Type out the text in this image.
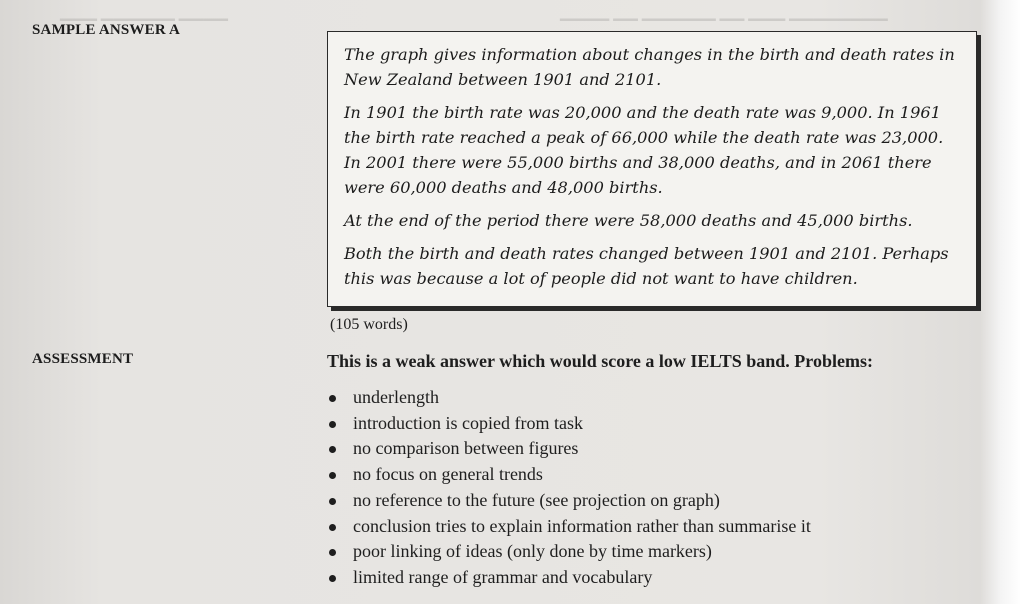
▁▁▁ ▁▁▁▁▁▁ ▁▁▁▁	▁▁▁▁ ▁▁ ▁▁▁▁▁▁ ▁▁ ▁▁▁ ▁▁▁▁▁▁▁▁
SAMPLE ANSWER A

The graph gives information about changes in the birth and death rates in New Zealand between 1901 and 2101.

In 1901 the birth rate was 20,000 and the death rate was 9,000. In 1961 the birth rate reached a peak of 66,000 while the death rate was 23,000. In 2001 there were 55,000 births and 38,000 deaths, and in 2061 there were 60,000 deaths and 48,000 births.

At the end of the period there were 58,000 deaths and 45,000 births.

Both the birth and death rates changed between 1901 and 2101. Perhaps this was because a lot of people did not want to have children.

(105 words)
ASSESSMENT	This is a weak answer which would score a low IELTS band. Problems:
underlength
introduction is copied from task
no comparison between figures
no focus on general trends
no reference to the future (see projection on graph)
conclusion tries to explain information rather than summarise it
poor linking of ideas (only done by time markers)
limited range of grammar and vocabulary
